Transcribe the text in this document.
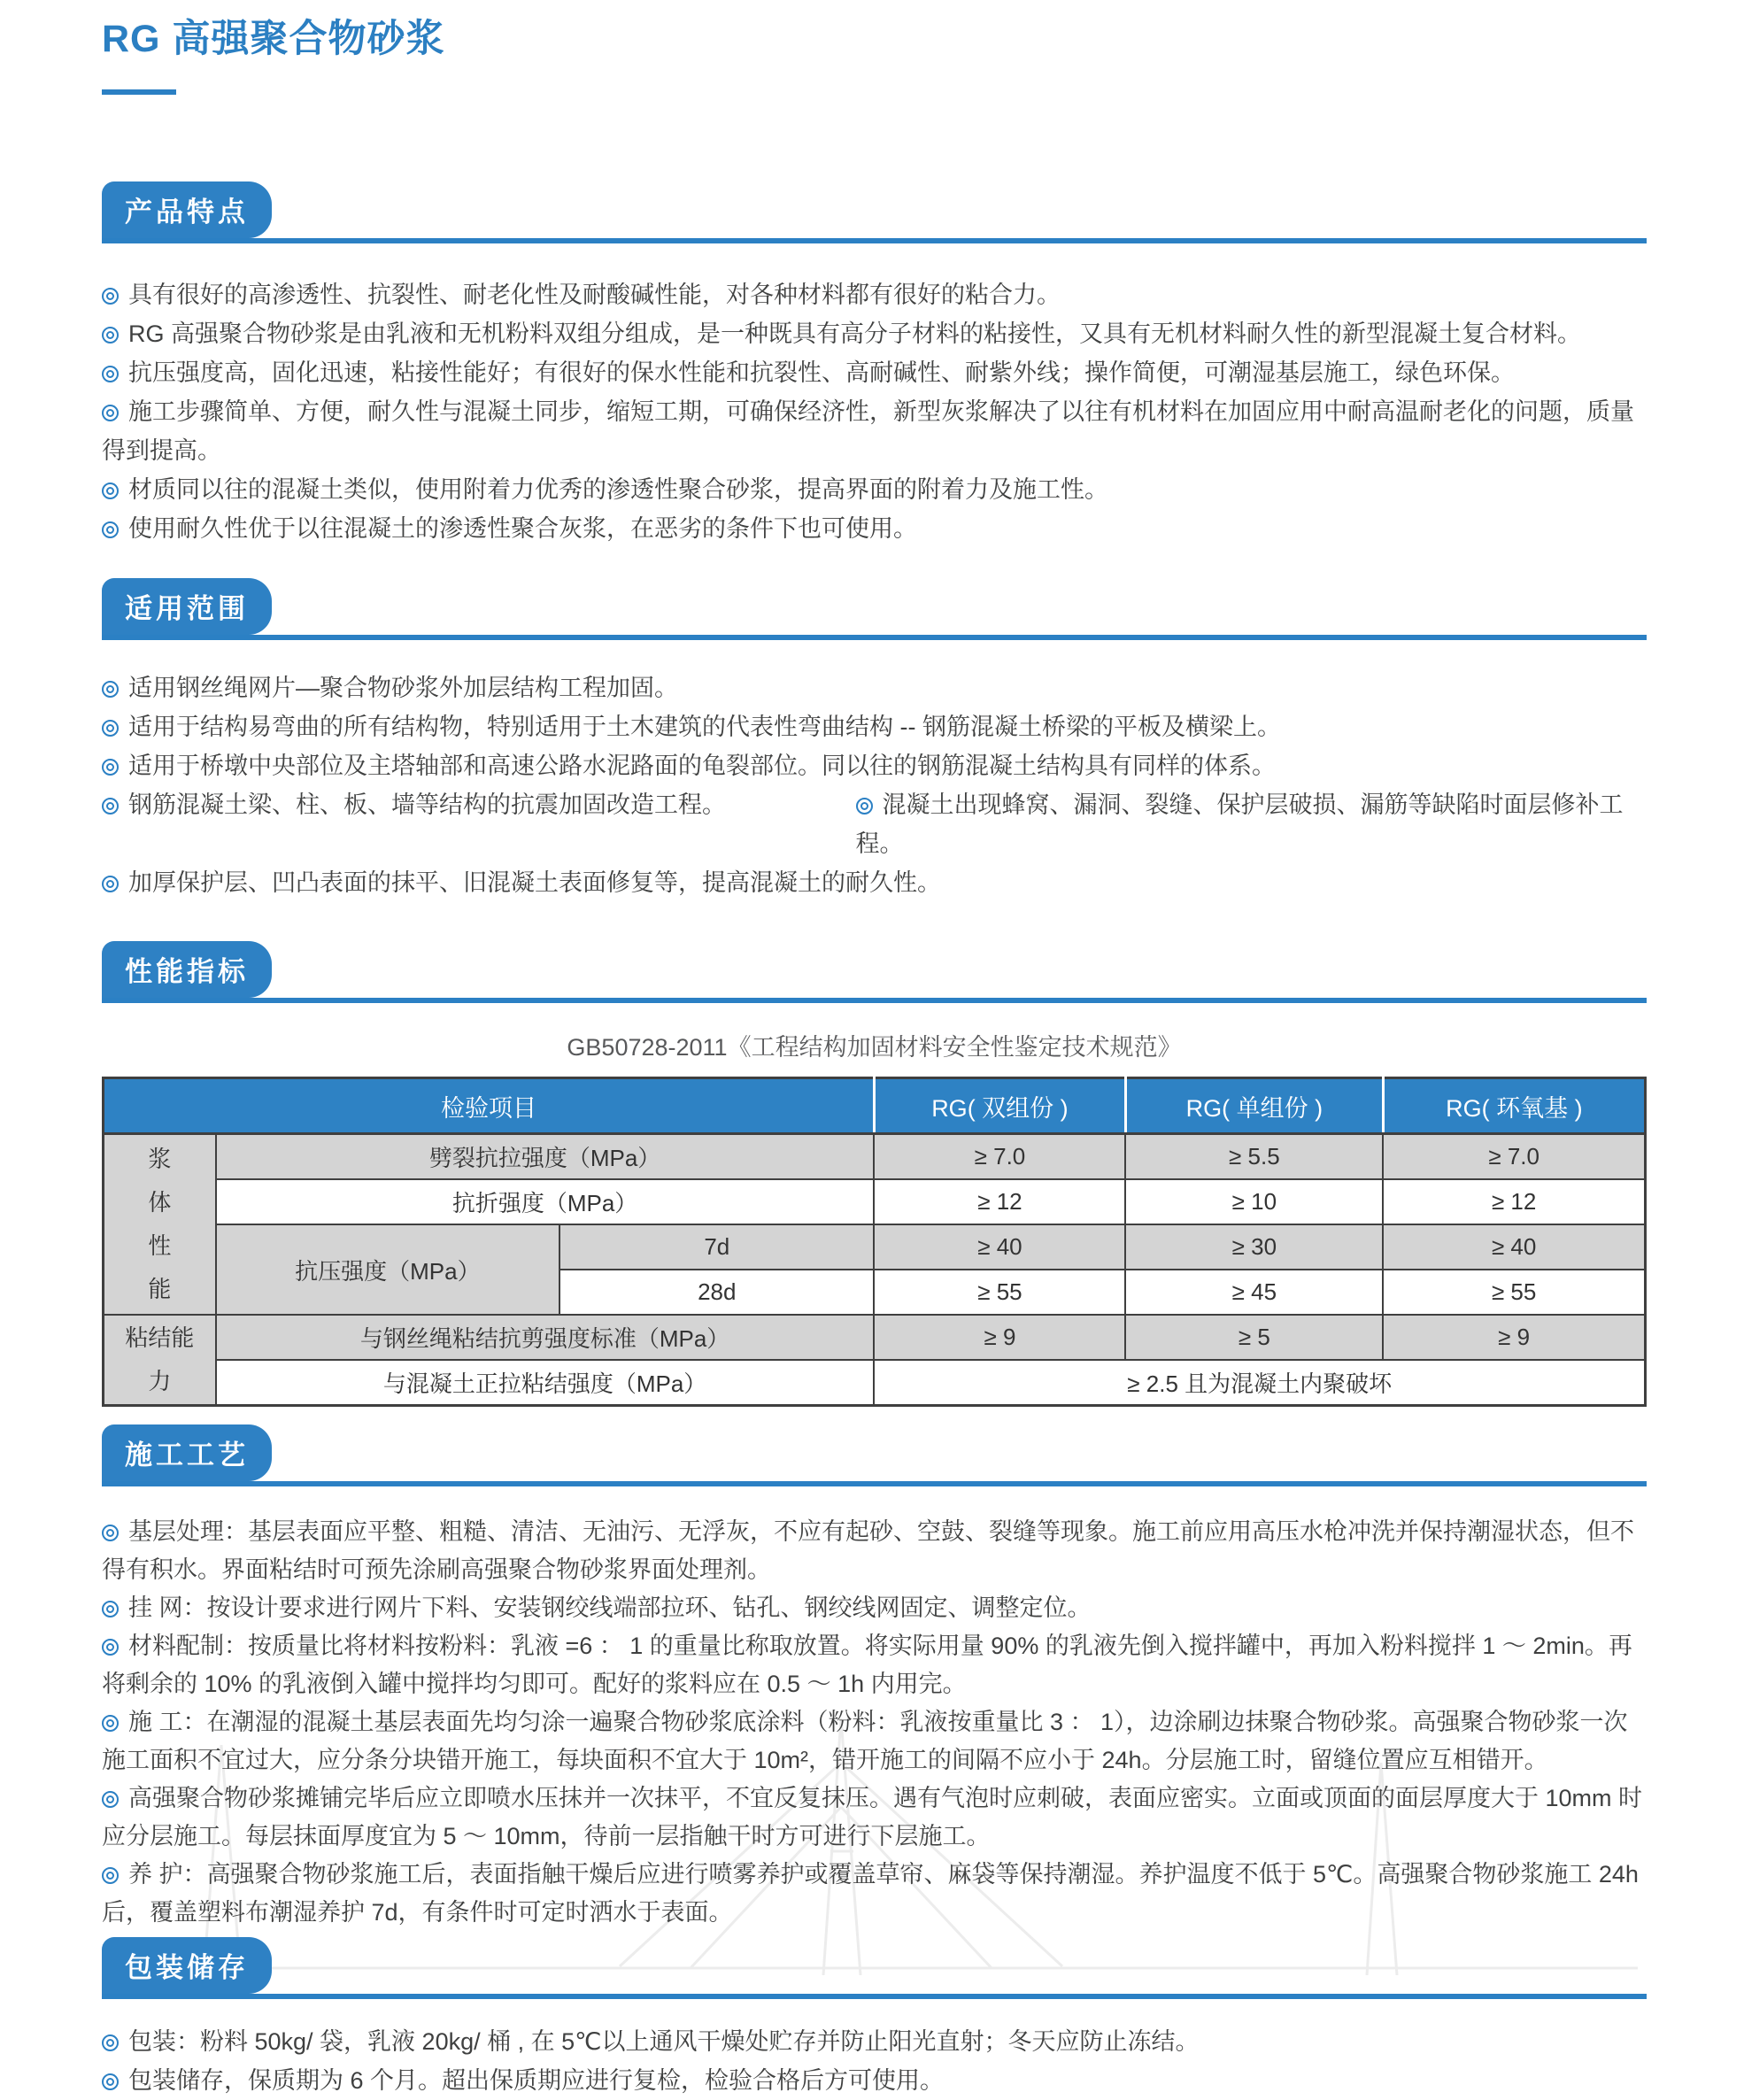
RG 高强聚合物砂浆
产品特点
具有很好的高渗透性、抗裂性、耐老化性及耐酸碱性能，对各种材料都有很好的粘合力。
RG 高强聚合物砂浆是由乳液和无机粉料双组分组成，是一种既具有高分子材料的粘接性，又具有无机材料耐久性的新型混凝土复合材料。
抗压强度高，固化迅速，粘接性能好；有很好的保水性能和抗裂性、高耐碱性、耐紫外线；操作简便，可潮湿基层施工，绿色环保。
施工步骤简单、方便，耐久性与混凝土同步，缩短工期，可确保经济性，新型灰浆解决了以往有机材料在加固应用中耐高温耐老化的问题，质量得到提高。
材质同以往的混凝土类似，使用附着力优秀的渗透性聚合砂浆，提高界面的附着力及施工性。
使用耐久性优于以往混凝土的渗透性聚合灰浆，在恶劣的条件下也可使用。
适用范围
适用钢丝绳网片—聚合物砂浆外加层结构工程加固。
适用于结构易弯曲的所有结构物，特别适用于土木建筑的代表性弯曲结构 -- 钢筋混凝土桥梁的平板及横梁上。
适用于桥墩中央部位及主塔轴部和高速公路水泥路面的龟裂部位。同以往的钢筋混凝土结构具有同样的体系。
钢筋混凝土梁、柱、板、墙等结构的抗震加固改造工程。	混凝土出现蜂窝、漏洞、裂缝、保护层破损、漏筋等缺陷时面层修补工程。
加厚保护层、凹凸表面的抹平、旧混凝土表面修复等，提高混凝土的耐久性。
性能指标
GB50728-2011《工程结构加固材料安全性鉴定技术规范》
检验项目			RG( 双组份 )	RG( 单组份 )	RG( 环氧基 )

浆体性能	劈裂抗拉强度（MPa）		≥ 7.0	≥ 5.5	≥ 7.0
	抗折强度（MPa）		≥ 12	≥ 10	≥ 12
	抗压强度（MPa）	7d	≥ 40	≥ 30	≥ 40
		28d	≥ 55	≥ 45	≥ 55

粘结能力	与钢丝绳粘结抗剪强度标准（MPa）		≥ 9	≥ 5	≥ 9
	与混凝土正拉粘结强度（MPa）		≥ 2.5 且为混凝土内聚破坏		
施工工艺
基层处理：基层表面应平整、粗糙、清洁、无油污、无浮灰，不应有起砂、空鼓、裂缝等现象。施工前应用高压水枪冲洗并保持潮湿状态，但不得有积水。界面粘结时可预先涂刷高强聚合物砂浆界面处理剂。
挂 网：按设计要求进行网片下料、安装钢绞线端部拉环、钻孔、钢绞线网固定、调整定位。
材料配制：按质量比将材料按粉料：乳液 =6 ： 1 的重量比称取放置。将实际用量 90% 的乳液先倒入搅拌罐中，再加入粉料搅拌 1 ～ 2min。再将剩余的 10% 的乳液倒入罐中搅拌均匀即可。配好的浆料应在 0.5 ～ 1h 内用完。
施 工：在潮湿的混凝土基层表面先均匀涂一遍聚合物砂浆底涂料（粉料：乳液按重量比 3 ： 1），边涂刷边抹聚合物砂浆。高强聚合物砂浆一次施工面积不宜过大，应分条分块错开施工，每块面积不宜大于 10m²，错开施工的间隔不应小于 24h。分层施工时，留缝位置应互相错开。
高强聚合物砂浆摊铺完毕后应立即喷水压抹并一次抹平，不宜反复抹压。遇有气泡时应刺破，表面应密实。立面或顶面的面层厚度大于 10mm 时应分层施工。每层抹面厚度宜为 5 ～ 10mm，待前一层指触干时方可进行下层施工。
养 护：高强聚合物砂浆施工后，表面指触干燥后应进行喷雾养护或覆盖草帘、麻袋等保持潮湿。养护温度不低于 5℃。高强聚合物砂浆施工 24h 后，覆盖塑料布潮湿养护 7d，有条件时可定时洒水于表面。
包装储存
包装：粉料 50kg/ 袋，乳液 20kg/ 桶 , 在 5℃以上通风干燥处贮存并防止阳光直射；冬天应防止冻结。
包装储存，保质期为 6 个月。超出保质期应进行复检，检验合格后方可使用。
